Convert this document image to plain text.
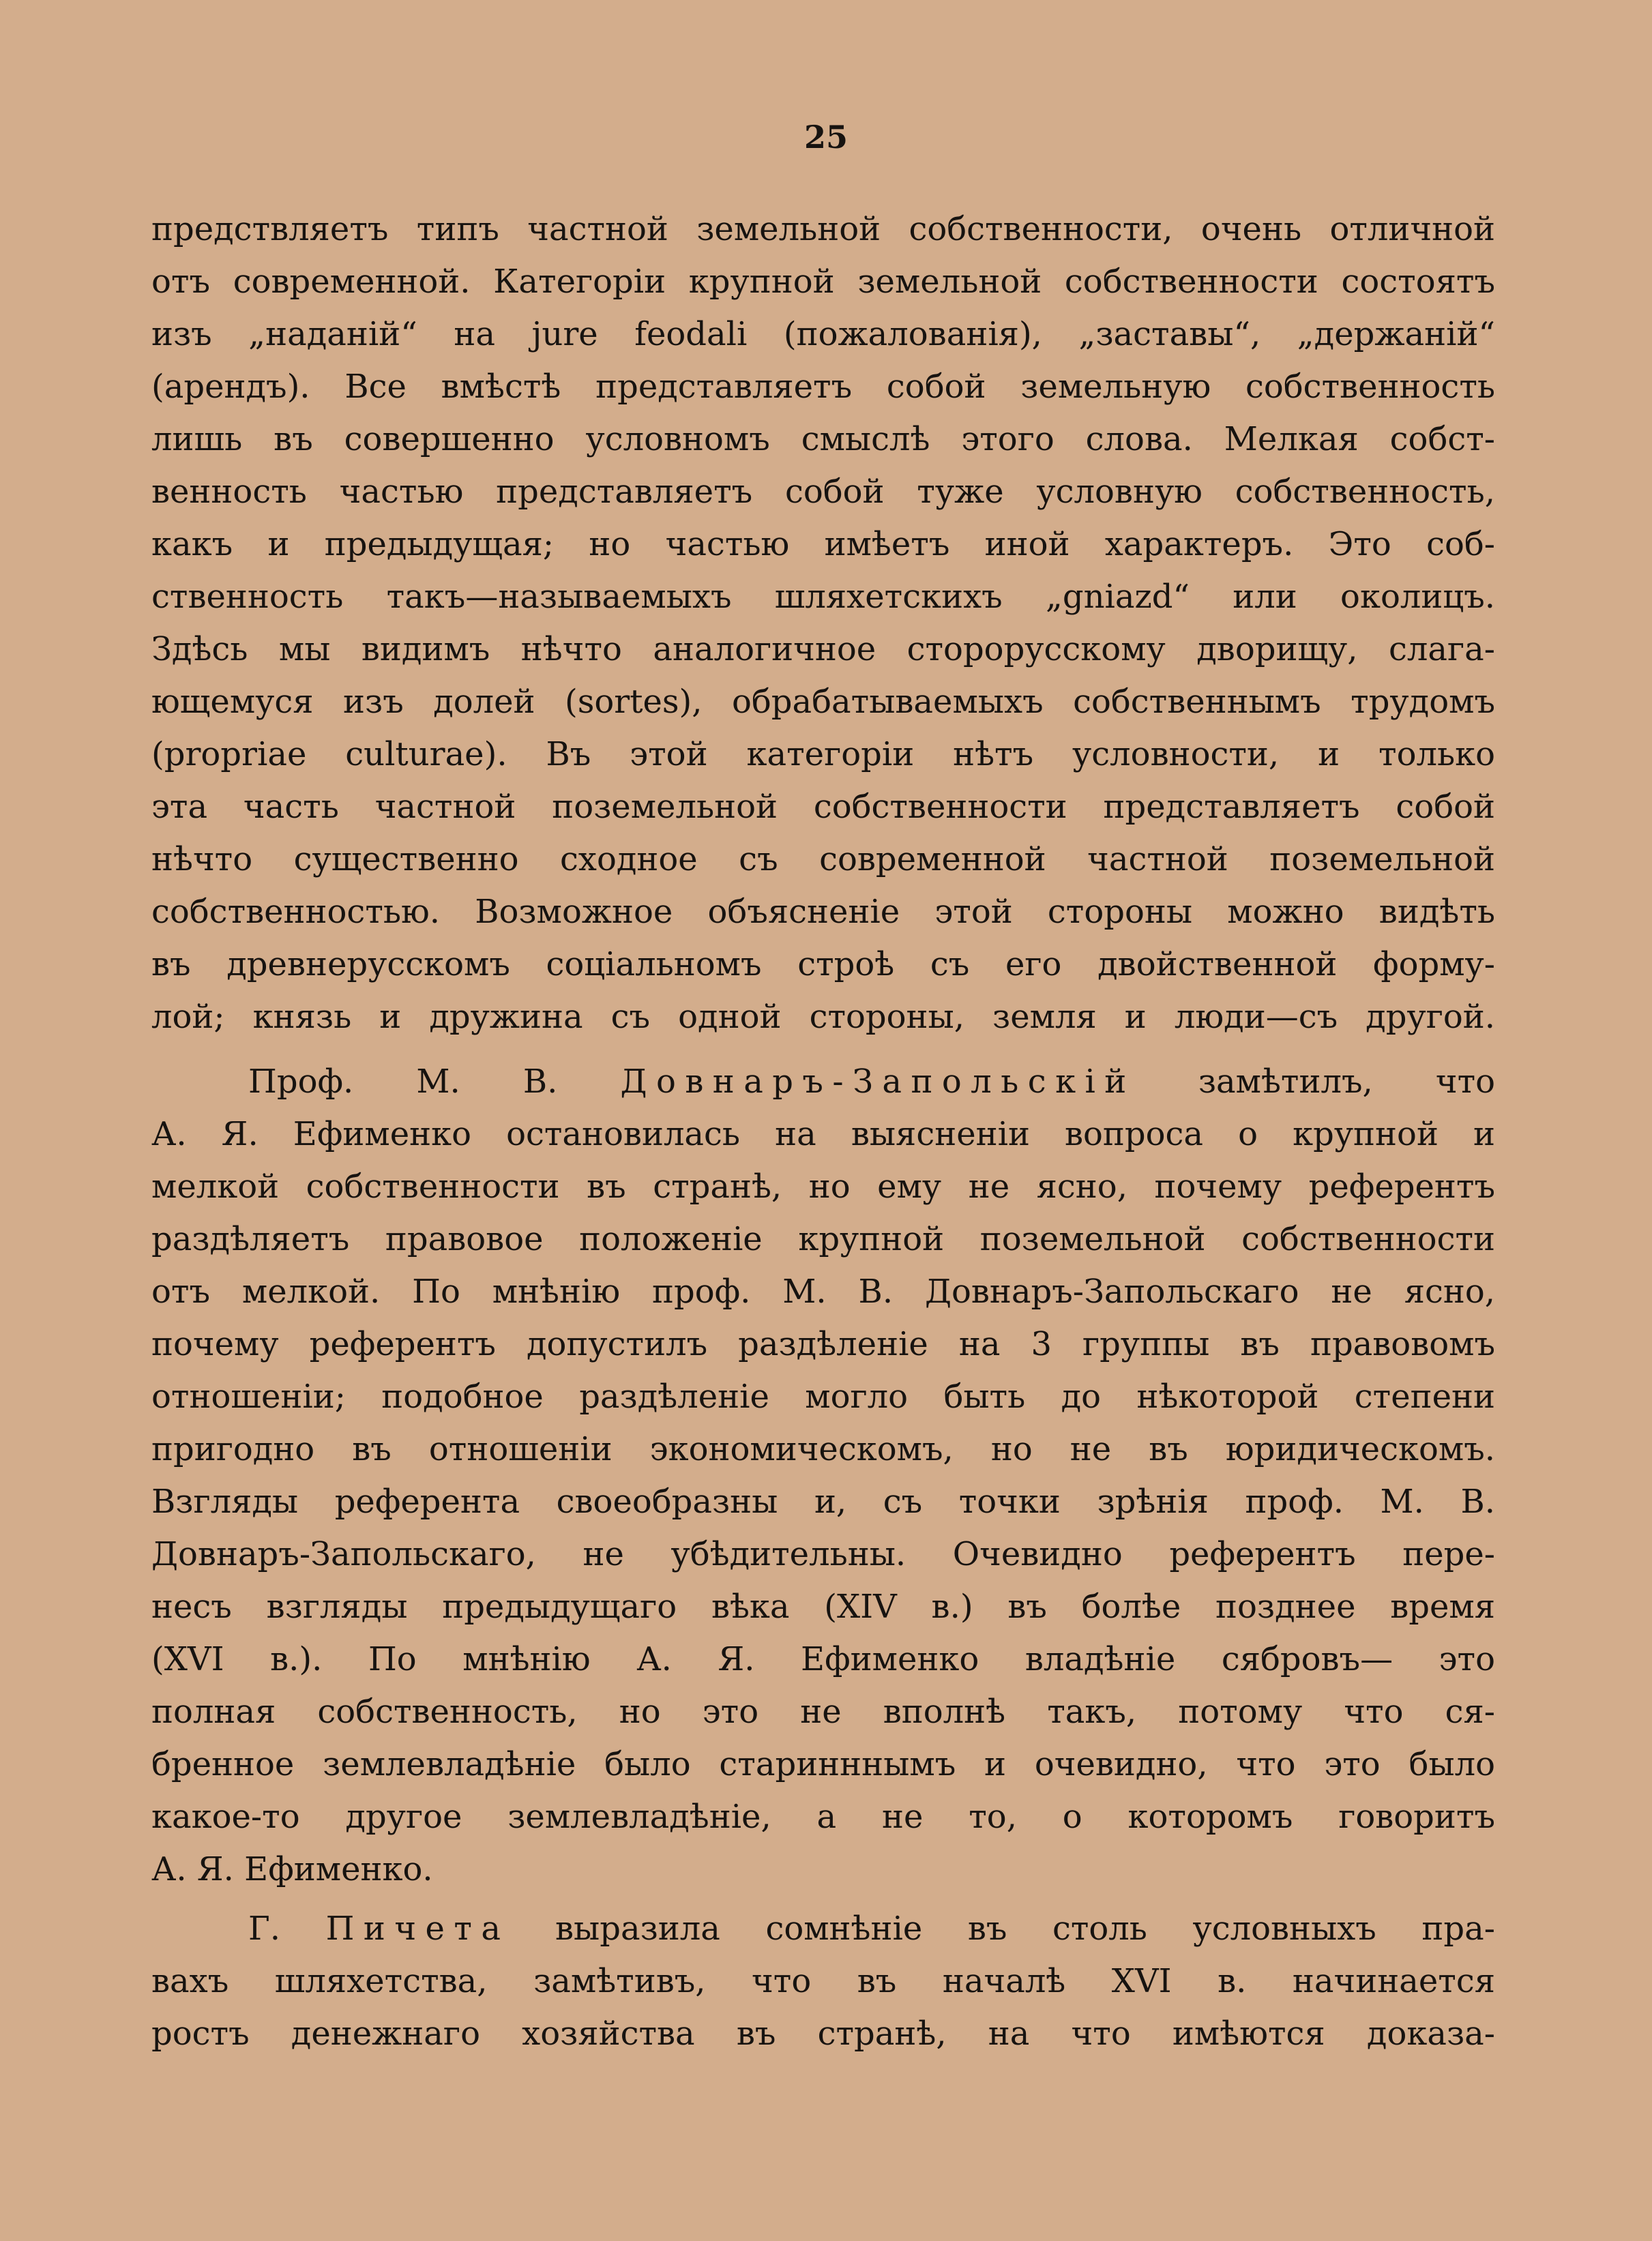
25
предствляетъ типъ частной земельной собственности, очень отличной
отъ современной. Категоріи крупной земельной собственности состоятъ
изъ „наданій“ на jure feodali (пожалованія), „заставы“, „держаній“
(арендъ). Все вмѣстѣ представляетъ собой земельную собственность
лишь въ совершенно условномъ смыслѣ этого слова. Мелкая собст-
венность частью представляетъ собой туже условную собственность,
какъ и предыдущая; но частью имѣетъ иной характеръ. Это соб-
ственность такъ—называемыхъ шляхетскихъ „gniazd“ или околицъ.
Здѣсь мы видимъ нѣчто аналогичное сторорусскому дворищу, слага-
ющемуся изъ долей (sortes), обрабатываемыхъ собственнымъ трудомъ
(propriae culturae). Въ этой категоріи нѣтъ условности, и только
эта часть частной поземельной собственности представляетъ собой
нѣчто существенно сходное съ современной частной поземельной
собственностью. Возможное объясненіе этой стороны можно видѣть
въ древнерусскомъ соціальномъ строѣ съ его двойственной форму-
лой; князь и дружина съ одной стороны, земля и люди—съ другой.
Проф. М. В. Довнаръ-Запольскій замѣтилъ, что
А. Я. Ефименко остановилась на выясненіи вопроса о крупной и
мелкой собственности въ странѣ, но ему не ясно, почему референтъ
раздѣляетъ правовое положеніе крупной поземельной собственности
отъ мелкой. По мнѣнію проф. М. В. Довнаръ-Запольскаго не ясно,
почему референтъ допустилъ раздѣленіе на 3 группы въ правовомъ
отношеніи; подобное раздѣленіе могло быть до нѣкоторой степени
пригодно въ отношеніи экономическомъ, но не въ юридическомъ.
Взгляды референта своеобразны и, съ точки зрѣнія проф. М. В.
Довнаръ-Запольскаго, не убѣдительны. Очевидно референтъ пере-
несъ взгляды предыдущаго вѣка (XIV в.) въ болѣе позднее время
(XVI в.). По мнѣнію А. Я. Ефименко владѣніе сябровъ— это
полная собственность, но это не вполнѣ такъ, потому что ся-
бренное землевладѣніе было старинннымъ и очевидно, что это было
какое-то другое землевладѣніе, а не то, о которомъ говоритъ
А. Я. Ефименко.
Г. Пичета выразила сомнѣніе въ столь условныхъ пра-
вахъ шляхетства, замѣтивъ, что въ началѣ XVI в. начинается
ростъ денежнаго хозяйства въ странѣ, на что имѣются доказа-
